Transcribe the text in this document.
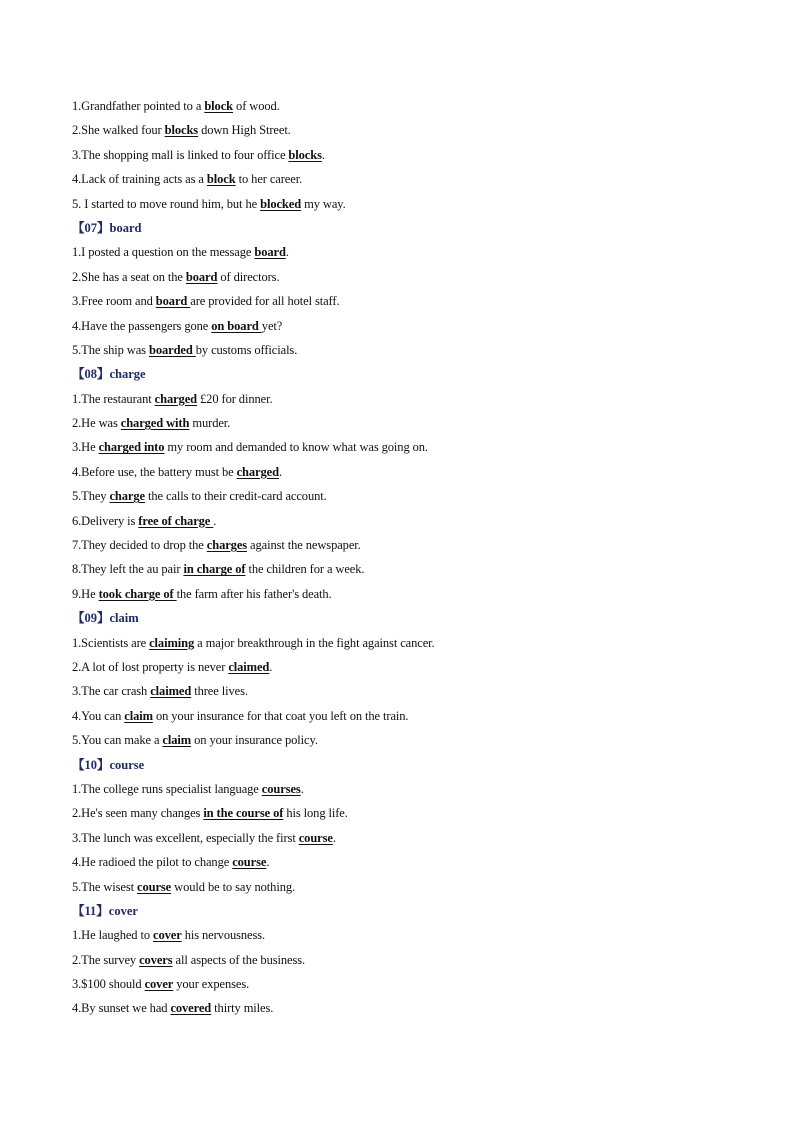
1.Grandfather pointed to a block of wood.
2.She walked four blocks down High Street.
3.The shopping mall is linked to four office blocks.
4.Lack of training acts as a block to her career.
5. I started to move round him, but he blocked my way.
【07】board
1.I posted a question on the message board.
2.She has a seat on the board of directors.
3.Free room and board are provided for all hotel staff.
4.Have the passengers gone on board yet?
5.The ship was boarded by customs officials.
【08】charge
1.The restaurant charged £20 for dinner.
2.He was charged with murder.
3.He charged into my room and demanded to know what was going on.
4.Before use, the battery must be charged.
5.They charge the calls to their credit-card account.
6.Delivery is free of charge .
7.They decided to drop the charges against the newspaper.
8.They left the au pair in charge of the children for a week.
9.He took charge of the farm after his father's death.
【09】claim
1.Scientists are claiming a major breakthrough in the fight against cancer.
2.A lot of lost property is never claimed.
3.The car crash claimed three lives.
4.You can claim on your insurance for that coat you left on the train.
5.You can make a claim on your insurance policy.
【10】course
1.The college runs specialist language courses.
2.He's seen many changes in the course of his long life.
3.The lunch was excellent, especially the first course.
4.He radioed the pilot to change course.
5.The wisest course would be to say nothing.
【11】cover
1.He laughed to cover his nervousness.
2.The survey covers all aspects of the business.
3.$100 should cover your expenses.
4.By sunset we had covered thirty miles.
